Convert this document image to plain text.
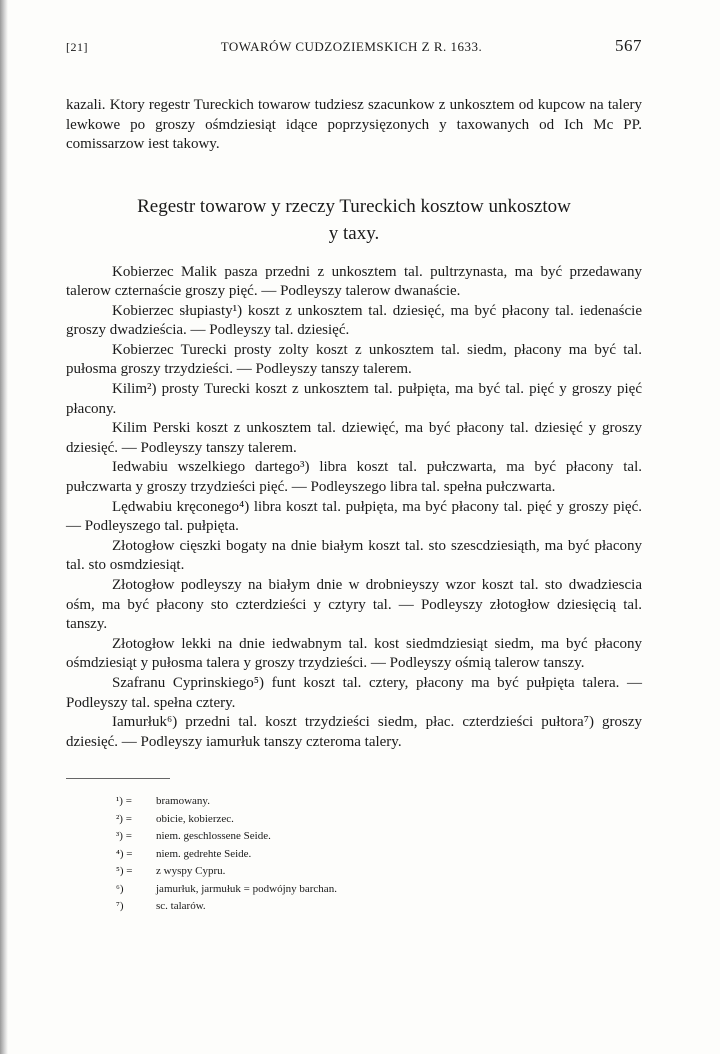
[21]	TOWARÓW CUDZOZIEMSKICH Z R. 1633.	567

kazali. Ktory regestr Tureckich towarow tudziesz szacunkow z unkosztem od kupcow na talery lewkowe po groszy ośmdziesiąt idące poprzysięzonych y taxowanych od Ich Mc PP. comissarzow iest takowy.

Regestr towarow y rzeczy Tureckich kosztow unkosztow
y taxy.

Kobierzec Malik pasza przedni z unkosztem tal. pultrzynasta, ma być przedawany talerow czternaście groszy pięć. — Podleyszy talerow dwanaście.

Kobierzec słupiasty¹) koszt z unkosztem tal. dziesięć, ma być płacony tal. iedenaście groszy dwadzieścia. — Podleyszy tal. dziesięć.

Kobierzec Turecki prosty zolty koszt z unkosztem tal. siedm, płacony ma być tal. pułosma groszy trzydzieści. — Podleyszy tanszy talerem.

Kilim²) prosty Turecki koszt z unkosztem tal. pułpięta, ma być tal. pięć y groszy pięć płacony.

Kilim Perski koszt z unkosztem tal. dziewięć, ma być płacony tal. dziesięć y groszy dziesięć. — Podleyszy tanszy talerem.

Iedwabiu wszelkiego dartego³) libra koszt tal. pułczwarta, ma być płacony tal. pułczwarta y groszy trzydzieści pięć. — Podleyszego libra tal. spełna pułczwarta.

Lędwabiu kręconego⁴) libra koszt tal. pułpięta, ma być płacony tal. pięć y groszy pięć. — Podleyszego tal. pułpięta.

Złotogłow cięszki bogaty na dnie białym koszt tal. sto szescdziesiąth, ma być płacony tal. sto osmdziesiąt.

Złotogłow podleyszy na białym dnie w drobnieyszy wzor koszt tal. sto dwadziescia ośm, ma być płacony sto czterdzieści y cztyry tal. — Podleyszy złotogłow dziesięcią tal. tanszy.

Złotogłow lekki na dnie iedwabnym tal. kost siedmdziesiąt siedm, ma być płacony ośmdziesiąt y pułosma talera y groszy trzydzieści. — Podleyszy ośmią talerow tanszy.

Szafranu Cyprinskiego⁵) funt koszt tal. cztery, płacony ma być pułpięta talera. — Podleyszy tal. spełna cztery.

Iamurłuk⁶) przedni tal. koszt trzydzieści siedm, płac. czterdzieści pułtora⁷) groszy dziesięć. — Podleyszy iamurłuk tanszy czteroma talery.

¹) =	bramowany.
²) =	obicie, kobierzec.
³) =	niem. geschlossene Seide.
⁴) =	niem. gedrehte Seide.
⁵) =	z wyspy Cypru.
⁶)	jamurłuk, jarmułuk = podwójny barchan.
⁷)	sc. talarów.
